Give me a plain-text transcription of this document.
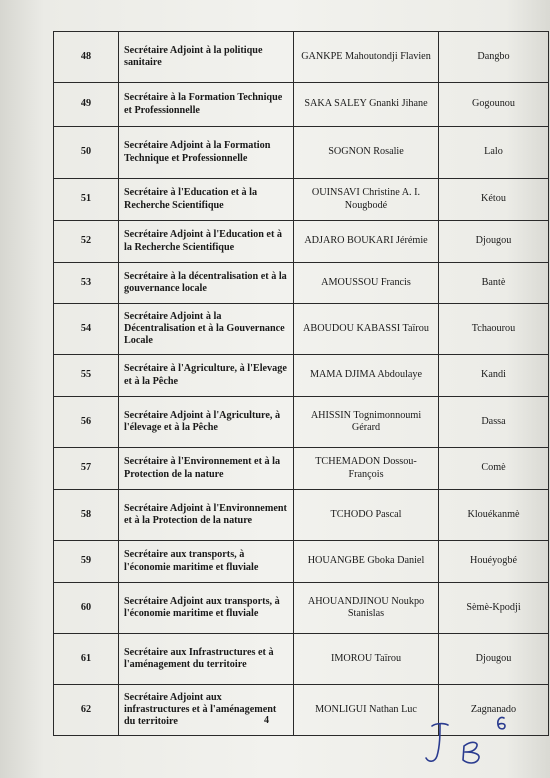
48	Secrétaire Adjoint à la politique sanitaire	GANKPE Mahoutondji Flavien	Dangbo
49	Secrétaire à la Formation Technique et Professionnelle	SAKA SALEY Gnanki Jihane	Gogounou
50	Secrétaire Adjoint à la Formation Technique et Professionnelle	SOGNON Rosalie	Lalo
51	Secrétaire à l'Education et à la Recherche Scientifique	OUINSAVI Christine A. I. Nougbodé	Kétou
52	Secrétaire Adjoint à l'Education et à la Recherche Scientifique	ADJARO BOUKARI Jérémie	Djougou
53	Secrétaire à la décentralisation et à la gouvernance locale	AMOUSSOU Francis	Bantè
54	Secrétaire Adjoint à la Décentralisation et à la Gouvernance Locale	ABOUDOU KABASSI Taïrou	Tchaourou
55	Secrétaire à l'Agriculture, à l'Elevage et à la Pêche	MAMA DJIMA Abdoulaye	Kandi
56	Secrétaire Adjoint à l'Agriculture, à l'élevage et à la Pêche	AHISSIN Tognimonnoumi Gérard	Dassa
57	Secrétaire à l'Environnement et à la Protection de la nature	TCHEMADON Dossou-François	Comè
58	Secrétaire Adjoint à l'Environnement et à la Protection de la nature	TCHODO Pascal	Klouékanmè
59	Secrétaire aux transports, à l'économie maritime et fluviale	HOUANGBE Gboka Daniel	Houéyogbé
60	Secrétaire Adjoint aux transports, à l'économie maritime et fluviale	AHOUANDJINOU Noukpo Stanislas	Sèmè-Kpodji
61	Secrétaire aux Infrastructures et à l'aménagement du territoire	IMOROU Taïrou	Djougou
62	Secrétaire Adjoint aux infrastructures et à l'aménagement du territoire	MONLIGUI Nathan Luc	Zagnanado
4
